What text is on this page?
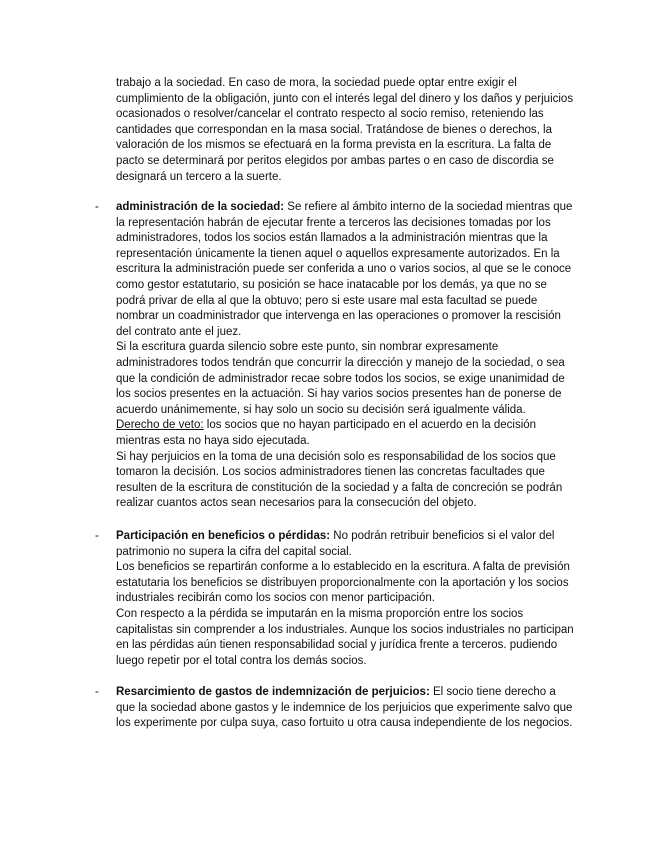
trabajo a la sociedad. En caso de mora, la sociedad puede optar entre exigir el cumplimiento de la obligación, junto con el interés legal del dinero y los daños y perjuicios ocasionados o resolver/cancelar el contrato respecto al socio remiso, reteniendo las cantidades que correspondan en la masa social. Tratándose de bienes o derechos, la valoración de los mismos se efectuará en la forma prevista en la escritura. La falta de pacto se determinará por peritos elegidos por ambas partes o en caso de discordia se designará un tercero a la suerte.

-	administración de la sociedad: Se refiere al ámbito interno de la sociedad mientras que la representación habrán de ejecutar frente a terceros las decisiones tomadas por los administradores, todos los socios están llamados a la administración mientras que la representación únicamente la tienen aquel o aquellos expresamente autorizados. En la escritura la administración puede ser conferida a uno o varios socios, al que se le conoce como gestor estatutario, su posición se hace inatacable por los demás, ya que no se podrá privar de ella al que la obtuvo; pero si este usare mal esta facultad se puede nombrar un coadministrador que intervenga en las operaciones o promover la rescisión del contrato ante el juez.

Si la escritura guarda silencio sobre este punto, sin nombrar expresamente administradores todos tendrán que concurrir la dirección y manejo de la sociedad, o sea que la condición de administrador recae sobre todos los socios, se exige unanimidad de los socios presentes en la actuación. Si hay varios socios presentes han de ponerse de acuerdo unánimemente, si hay solo un socio su decisión será igualmente válida.

Derecho de veto: los socios que no hayan participado en el acuerdo en la decisión mientras esta no haya sido ejecutada.

Si hay perjuicios en la toma de una decisión solo es responsabilidad de los socios que tomaron la decisión. Los socios administradores tienen las concretas facultades que resulten de la escritura de constitución de la sociedad y a falta de concreción se podrán realizar cuantos actos sean necesarios para la consecución del objeto.

-	Participación en beneficios o pérdidas: No podrán retribuir beneficios si el valor del patrimonio no supera la cifra del capital social.

Los beneficios se repartirán conforme a lo establecido en la escritura. A falta de previsión estatutaria los beneficios se distribuyen proporcionalmente con la aportación y los socios industriales recibirán como los socios con menor participación.

Con respecto a la pérdida se imputarán en la misma proporción entre los socios capitalistas sin comprender a los industriales. Aunque los socios industriales no participan en las pérdidas aún tienen responsabilidad social y jurídica frente a terceros. pudiendo luego repetir por el total contra los demás socios.

-	Resarcimiento de gastos de indemnización de perjuicios: El socio tiene derecho a que la sociedad abone gastos y le indemnice de los perjuicios que experimente salvo que los experimente por culpa suya, caso fortuito u otra causa independiente de los negocios.
